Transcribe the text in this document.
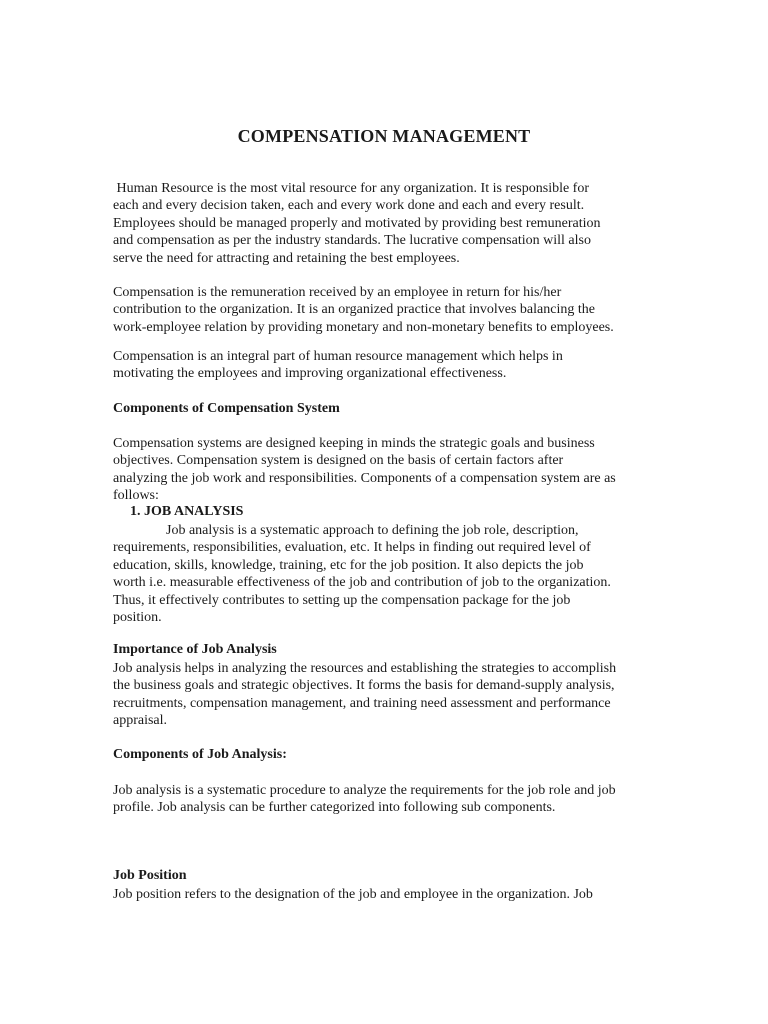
COMPENSATION MANAGEMENT

Human Resource is the most vital resource for any organization. It is responsible for

each and every decision taken, each and every work done and each and every result.

Employees should be managed properly and motivated by providing best remuneration

and compensation as per the industry standards. The lucrative compensation will also

serve the need for attracting and retaining the best employees.

Compensation is the remuneration received by an employee in return for his/her

contribution to the organization. It is an organized practice that involves balancing the

work-employee relation by providing monetary and non-monetary benefits to employees.

Compensation is an integral part of human resource management which helps in

motivating the employees and improving organizational effectiveness.

Components of Compensation System

Compensation systems are designed keeping in minds the strategic goals and business

objectives. Compensation system is designed on the basis of certain factors after

analyzing the job work and responsibilities. Components of a compensation system are as

follows:

1. JOB ANALYSIS

Job analysis is a systematic approach to defining the job role, description,

requirements, responsibilities, evaluation, etc. It helps in finding out required level of

education, skills, knowledge, training, etc for the job position. It also depicts the job

worth i.e. measurable effectiveness of the job and contribution of job to the organization.

Thus, it effectively contributes to setting up the compensation package for the job

position.

Importance of Job Analysis

Job analysis helps in analyzing the resources and establishing the strategies to accomplish

the business goals and strategic objectives. It forms the basis for demand-supply analysis,

recruitments, compensation management, and training need assessment and performance

appraisal.

Components of Job Analysis:

Job analysis is a systematic procedure to analyze the requirements for the job role and job

profile. Job analysis can be further categorized into following sub components.

Job Position

Job position refers to the designation of the job and employee in the organization. Job
